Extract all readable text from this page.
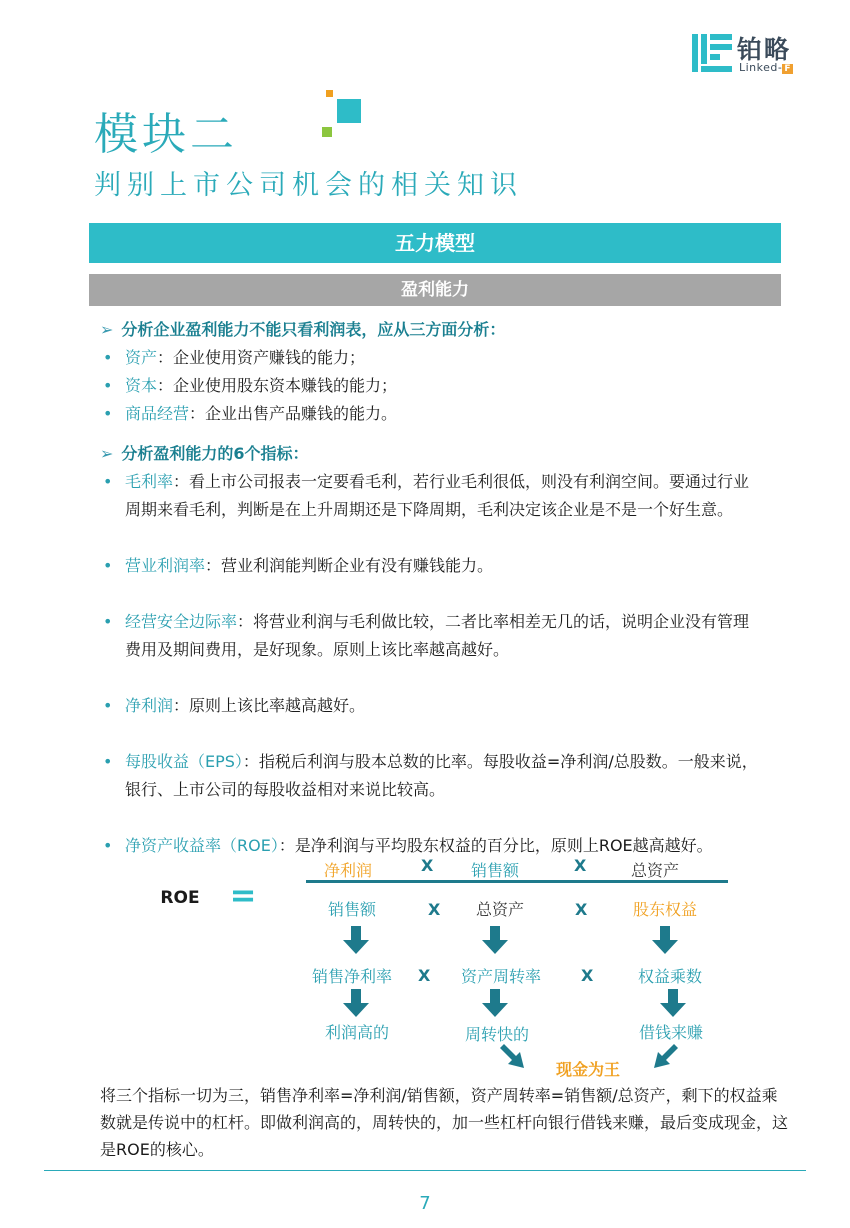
铂略
Linked- F
模块二
判别上市公司机会的相关知识
五力模型
盈利能力
➢ 分析企业盈利能力不能只看利润表，应从三方面分析：
• 资产：企业使用资产赚钱的能力；
• 资本：企业使用股东资本赚钱的能力；
• 商品经营：企业出售产品赚钱的能力。
➢ 分析盈利能力的6个指标：
• 毛利率：看上市公司报表一定要看毛利，若行业毛利很低，则没有利润空间。要通过行业周期来看毛利，判断是在上升周期还是下降周期，毛利决定该企业是不是一个好生意。
• 营业利润率：营业利润能判断企业有没有赚钱能力。
• 经营安全边际率：将营业利润与毛利做比较，二者比率相差无几的话，说明企业没有管理费用及期间费用，是好现象。原则上该比率越高越好。
• 净利润：原则上该比率越高越好。
• 每股收益（EPS）：指税后利润与股本总数的比率。每股收益=净利润/总股数。一般来说，银行、上市公司的每股收益相对来说比较高。
• 净资产收益率（ROE）：是净利润与平均股东权益的百分比，原则上ROE越高越好。
ROE =
净利润	X	销售额	X	总资产
销售额	X	总资产	X	股东权益
销售净利率	X	资产周转率	X	权益乘数
利润高的	周转快的	借钱来赚
现金为王
将三个指标一切为三，销售净利率=净利润/销售额，资产周转率=销售额/总资产，剩下的权益乘数就是传说中的杠杆。即做利润高的，周转快的，加一些杠杆向银行借钱来赚，最后变成现金，这是ROE的核心。
7
